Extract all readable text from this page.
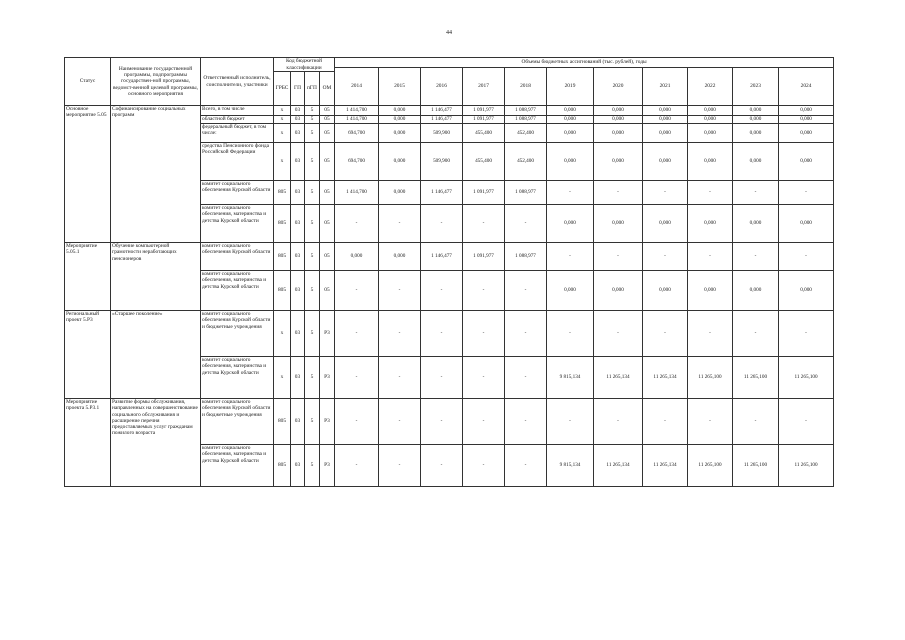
44
Статус	Наименование государственной программы, подпрограммы государствен-ной программы, ведомст-венной целевой программы, основного мероприятия	Ответственный исполнитель, соисполнители, участники	Код бюджетной классификации				Объемы бюджетных ассигнований (тыс. рублей), годы										
							2014	2015	2016	2017	2018	2019	2020	2021	2022	2023	2024
			ГРБС	ГП	пГП	ОМ											
Основное мероприятие 5.05	Софинансирование социальных программ	Всего, в том числе	х	03	5	05	1 414,700	0,000	1 146,477	1 091,977	1 088,977	0,000	0,000	0,000	0,000	0,000	0,000
		областной бюджет	х	03	5	05	1 414,700	0,000	1 146,477	1 091,977	1 088,977	0,000	0,000	0,000	0,000	0,000	0,000
		федеральный бюджет, в том числе:	х	03	5	05	694,700	0,000	509,900	455,400	452,400	0,000	0,000	0,000	0,000	0,000	0,000
		средства Пенсионного фонда Российской Федерации	х	03	5	05	694,700	0,000	509,900	455,400	452,400	0,000	0,000	0,000	0,000	0,000	0,000
		комитет социального обеспечения Курской области	805	03	5	05	1 414,700	0,000	1 146,477	1 091,977	1 088,977	-	-	-	-	-	-
		комитет социального обеспечения, материнства и детства Курской области	805	03	5	05	-	-	-	-	-	0,000	0,000	0,000	0,000	0,000	0,000
Мероприятие 5.05.1	Обучение компьютерной грамотности неработающих пенсионеров	комитет социального обеспечения Курской области	805	03	5	05	0,000	0,000	1 146,477	1 091,977	1 088,977	-	-	-	-	-	-
		комитет социального обеспечения, материнства и детства Курской области	805	03	5	05	-	-	-	-	-	0,000	0,000	0,000	0,000	0,000	0,000
Региональный проект 5.P3	«Старшее поколение»	комитет социального обеспечения Курской области и бюджетные учреждения	х	03	5	P3	-	-	-	-	-	-	-	-	-	-	-
		комитет социального обеспечения, материнства и детства Курской области	х	03	5	P3	-	-	-	-	-	9 815,134	11 265,134	11 265,134	11 265,100	11 265,100	11 265,100
Мероприятие проекта 5.P3.1	Развитие формы обслуживания, направленных на совершенствование социального обслуживания и расширение перечня предоставляемых услуг гражданам пожилого возраста	комитет социального обеспечения Курской области и бюджетные учреждения	805	03	5	P3	-	-	-	-	-	-	-	-	-	-	-
		комитет социального обеспечения, материнства и детства Курской области	805	03	5	P3	-	-	-	-	-	9 815,134	11 265,134	11 265,134	11 265,100	11 265,100	11 265,100
